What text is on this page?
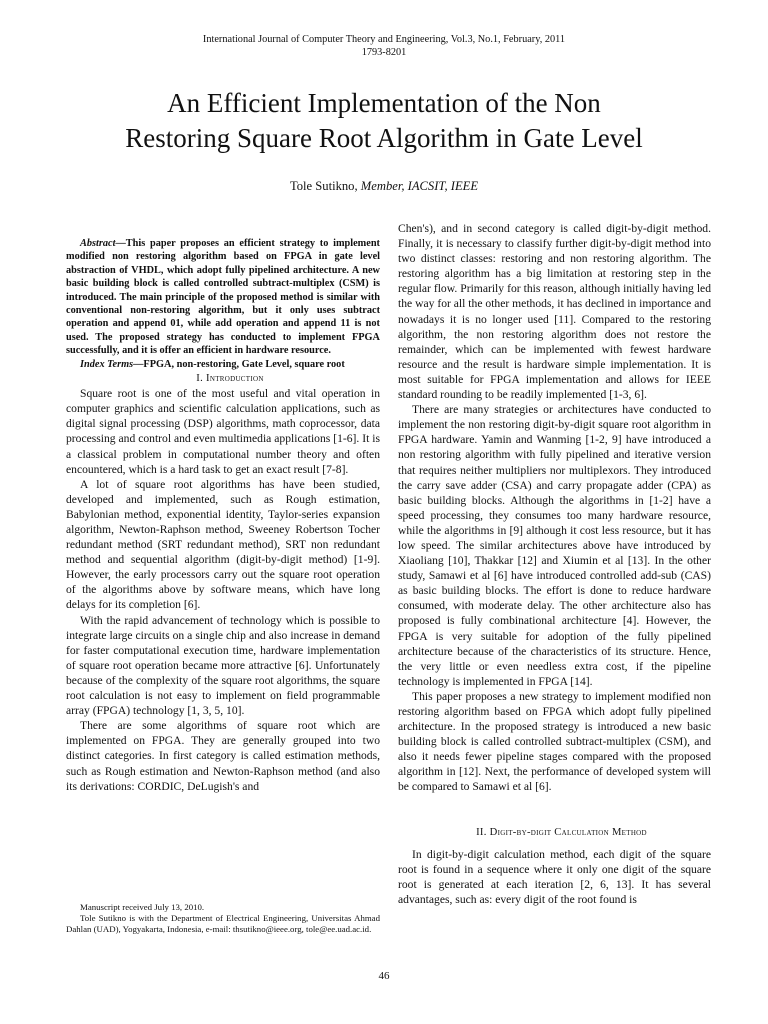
International Journal of Computer Theory and Engineering, Vol.3, No.1, February, 2011
1793-8201
An Efficient Implementation of the Non
Restoring Square Root Algorithm in Gate Level
Tole Sutikno, Member, IACSIT, IEEE

Abstract—This paper proposes an efficient strategy to implement modified non restoring algorithm based on FPGA in gate level abstraction of VHDL, which adopt fully pipelined architecture. A new basic building block is called controlled subtract-multiplex (CSM) is introduced. The main principle of the proposed method is similar with conventional non-restoring algorithm, but it only uses subtract operation and append 01, while add operation and append 11 is not used. The proposed strategy has conducted to implement FPGA successfully, and it is offer an efficient in hardware resource.

Index Terms—FPGA, non-restoring, Gate Level, square root

I. Introduction

Square root is one of the most useful and vital operation in computer graphics and scientific calculation applications, such as digital signal processing (DSP) algorithms, math coprocessor, data processing and control and even multimedia applications [1-6]. It is a classical problem in computational number theory and often encountered, which is a hard task to get an exact result [7-8].

A lot of square root algorithms has have been studied, developed and implemented, such as Rough estimation, Babylonian method, exponential identity, Taylor-series expansion algorithm, Newton-Raphson method, Sweeney Robertson Tocher redundant method (SRT redundant method), SRT non redundant method and sequential algorithm (digit-by-digit method) [1-9]. However, the early processors carry out the square root operation of the algorithms above by software means, which have long delays for its completion [6].

With the rapid advancement of technology which is possible to integrate large circuits on a single chip and also increase in demand for faster computational execution time, hardware implementation of square root operation became more attractive [6]. Unfortunately because of the complexity of the square root algorithms, the square root calculation is not easy to implement on field programmable array (FPGA) technology [1, 3, 5, 10].

There are some algorithms of square root which are implemented on FPGA. They are generally grouped into two distinct categories. In first category is called estimation methods, such as Rough estimation and Newton-Raphson method (and also its derivations: CORDIC, DeLugish's and

Chen's), and in second category is called digit-by-digit method. Finally, it is necessary to classify further digit-by-digit method into two distinct classes: restoring and non restoring algorithm. The restoring algorithm has a big limitation at restoring step in the regular flow. Primarily for this reason, although initially having led the way for all the other methods, it has declined in importance and nowadays it is no longer used [11]. Compared to the restoring algorithm, the non restoring algorithm does not restore the remainder, which can be implemented with fewest hardware resource and the result is hardware simple implementation. It is most suitable for FPGA implementation and allows for IEEE standard rounding to be readily implemented [1-3, 6].

There are many strategies or architectures have conducted to implement the non restoring digit-by-digit square root algorithm in FPGA hardware. Yamin and Wanming [1-2, 9] have introduced a non restoring algorithm with fully pipelined and iterative version that requires neither multipliers nor multiplexors. They introduced the carry save adder (CSA) and carry propagate adder (CPA) as basic building blocks. Although the algorithms in [1-2] have a speed processing, they consumes too many hardware resource, while the algorithms in [9] although it cost less resource, but it has low speed. The similar architectures above have introduced by Xiaoliang [10], Thakkar [12] and Xiumin et al [13]. In the other study, Samawi et al [6] have introduced controlled add-sub (CAS) as basic building blocks. The effort is done to reduce hardware consumed, with moderate delay. The other architecture also has proposed is fully combinational architecture [4]. However, the FPGA is very suitable for adoption of the fully pipelined architecture because of the characteristics of its structure. Hence, the very little or even needless extra cost, if the pipeline technology is implemented in FPGA [14].

This paper proposes a new strategy to implement modified non restoring algorithm based on FPGA which adopt fully pipelined architecture. In the proposed strategy is introduced a new basic building block is called controlled subtract-multiplex (CSM), and also it needs fewer pipeline stages compared with the proposed algorithm in [12]. Next, the performance of developed system will be compared to Samawi et al [6].

II. Digit-by-digit Calculation Method

In digit-by-digit calculation method, each digit of the square root is found in a sequence where it only one digit of the square root is generated at each iteration [2, 6, 13]. It has several advantages, such as: every digit of the root found is

Manuscript received July 13, 2010.

Tole Sutikno is with the Department of Electrical Engineering, Universitas Ahmad Dahlan (UAD), Yogyakarta, Indonesia, e-mail: thsutikno@ieee.org, tole@ee.uad.ac.id.

46
